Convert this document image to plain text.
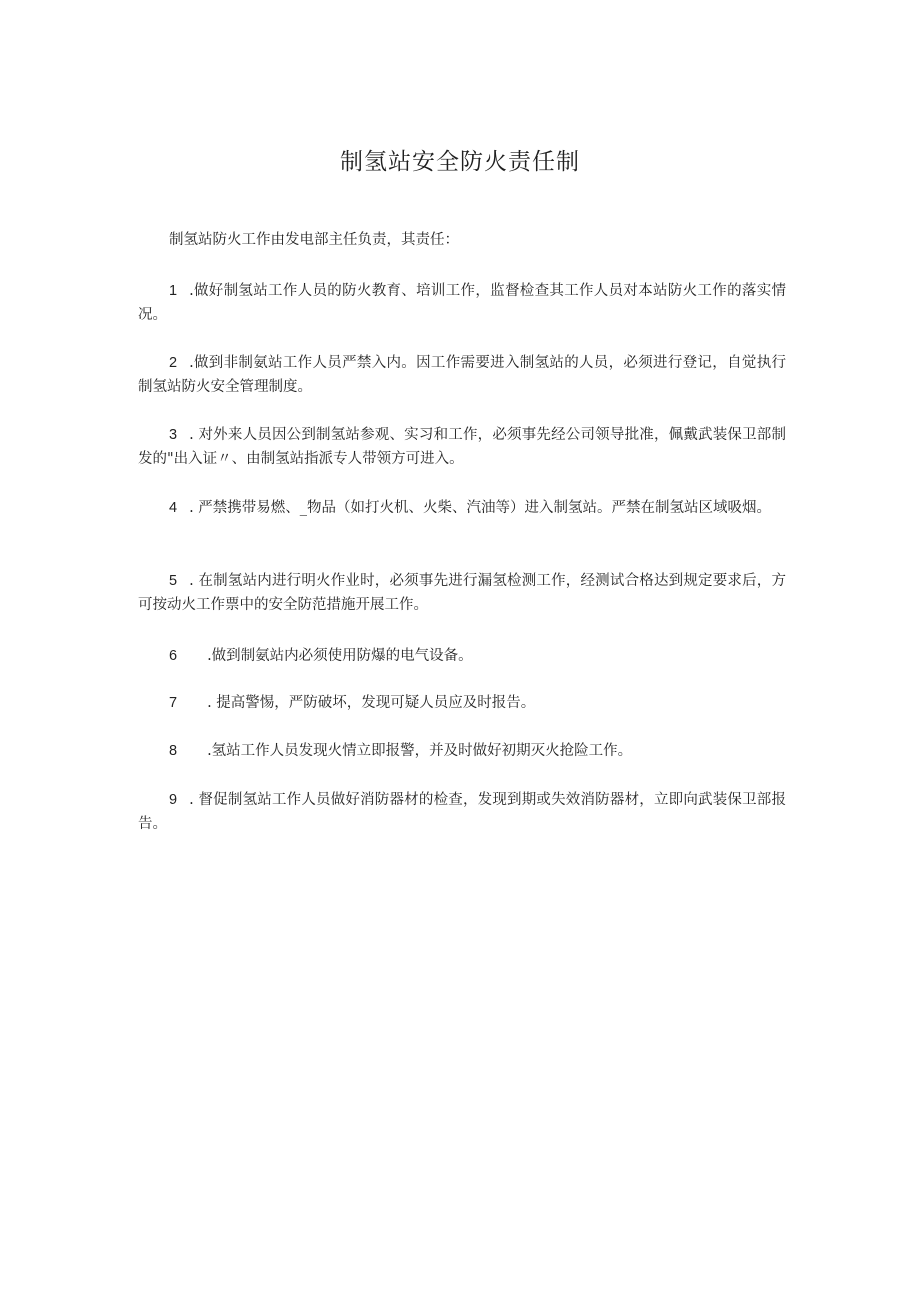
制氢站安全防火责任制
制氢站防火工作由发电部主任负责，其责任：
1 .做好制氢站工作人员的防火教育、培训工作，监督检查其工作人员对本站防火工作的落实情况。
2 .做到非制氨站工作人员严禁入内。因工作需要进入制氢站的人员，必须进行登记，自觉执行制氢站防火安全管理制度。
3 . 对外来人员因公到制氢站参观、实习和工作，必须事先经公司领导批准，佩戴武装保卫部制发的"出入证〃、由制氢站指派专人带领方可进入。
4 . 严禁携带易燃、_物品（如打火机、火柴、汽油等）进入制氢站。严禁在制氢站区域吸烟。
5 . 在制氢站内进行明火作业时，必须事先进行漏氢检测工作，经测试合格达到规定要求后，方可按动火工作票中的安全防范措施开展工作。
6 .做到制氨站内必须使用防爆的电气设备。
7 . 提高警惕，严防破坏，发现可疑人员应及时报告。
8 .氢站工作人员发现火情立即报警，并及时做好初期灭火抢险工作。
9 . 督促制氢站工作人员做好消防器材的检查，发现到期或失效消防器材，立即向武装保卫部报告。
